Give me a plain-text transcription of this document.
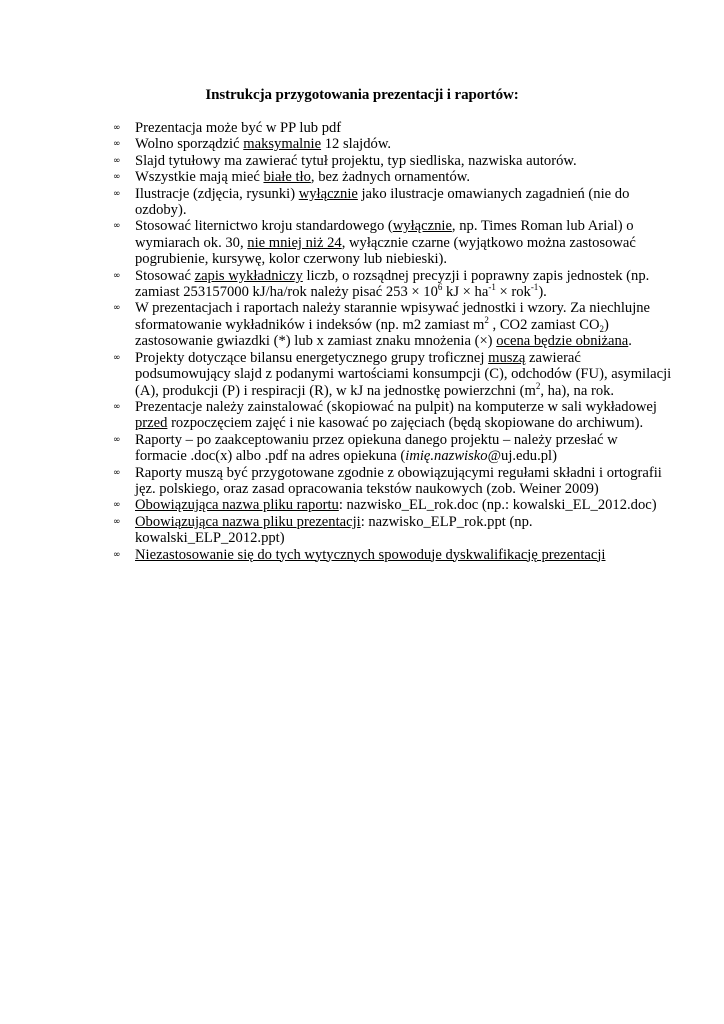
Instrukcja przygotowania prezentacji i raportów:
∞ Prezentacja może być w PP lub pdf
∞ Wolno sporządzić maksymalnie 12 slajdów.
∞ Slajd tytułowy ma zawierać tytuł projektu, typ siedliska, nazwiska autorów.
∞ Wszystkie mają mieć białe tło, bez żadnych ornamentów.
∞ Ilustracje (zdjęcia, rysunki) wyłącznie jako ilustracje omawianych zagadnień (nie do ozdoby).
∞ Stosować liternictwo kroju standardowego (wyłącznie, np. Times Roman lub Arial) o wymiarach ok. 30, nie mniej niż 24, wyłącznie czarne (wyjątkowo można zastosować pogrubienie, kursywę, kolor czerwony lub niebieski).
∞ Stosować zapis wykładniczy liczb, o rozsądnej precyzji i poprawny zapis jednostek (np. zamiast 253157000 kJ/ha/rok należy pisać $253 \times 10^6$ kJ × $ha^{-1} \times rok^{-1}$).
∞ W prezentacjach i raportach należy starannie wpisywać jednostki i wzory. Za niechlujne sformatowanie wykładników i indeksów (np. m2 zamiast $m^2$ , CO2 zamiast $CO_2$) zastosowanie gwiazdki (*) lub x zamiast znaku mnożenia (×) ocena będzie obniżana.
∞ Projekty dotyczące bilansu energetycznego grupy troficznej muszą zawierać podsumowujący slajd z podanymi wartościami konsumpcji (C), odchodów (FU), asymilacji (A), produkcji (P) i respiracji (R), w kJ na jednostkę powierzchni ($m^2$, ha), na rok.
∞ Prezentacje należy zainstalować (skopiować na pulpit) na komputerze w sali wykładowej przed rozpoczęciem zajęć i nie kasować po zajęciach (będą skopiowane do archiwum).
∞ Raporty – po zaakceptowaniu przez opiekuna danego projektu – należy przesłać w formacie .doc(x) albo .pdf na adres opiekuna (imię.nazwisko@uj.edu.pl)
∞ Raporty muszą być przygotowane zgodnie z obowiązującymi regułami składni i ortografii jęz. polskiego, oraz zasad opracowania tekstów naukowych (zob. Weiner 2009)
∞ Obowiązująca nazwa pliku raportu: nazwisko_EL_rok.doc (np.: kowalski_EL_2012.doc)
∞ Obowiązująca nazwa pliku prezentacji: nazwisko_ELP_rok.ppt (np. kowalski_ELP_2012.ppt)
∞ Niezastosowanie się do tych wytycznych spowoduje dyskwalifikację prezentacji
